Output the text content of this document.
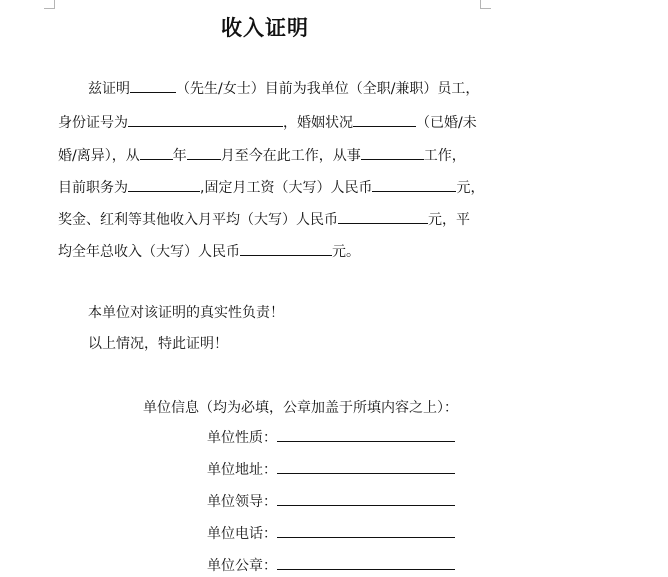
收入证明
兹证明	（先生/女士）目前为我单位（全职/兼职）员工，
身份证号为	，婚姻状况	（已婚/未
婚/离异），从 年 月至今在此工作，从事	工作，
目前职务为	,固定月工资（大写）人民币	元，
奖金、红利等其他收入月平均（大写）人民币	元，平
均全年总收入（大写）人民币	元。
本单位对该证明的真实性负责！
以上情况，特此证明！
单位信息（均为必填，公章加盖于所填内容之上）：
单位性质：
单位地址：
单位领导：
单位电话：
单位公章：
